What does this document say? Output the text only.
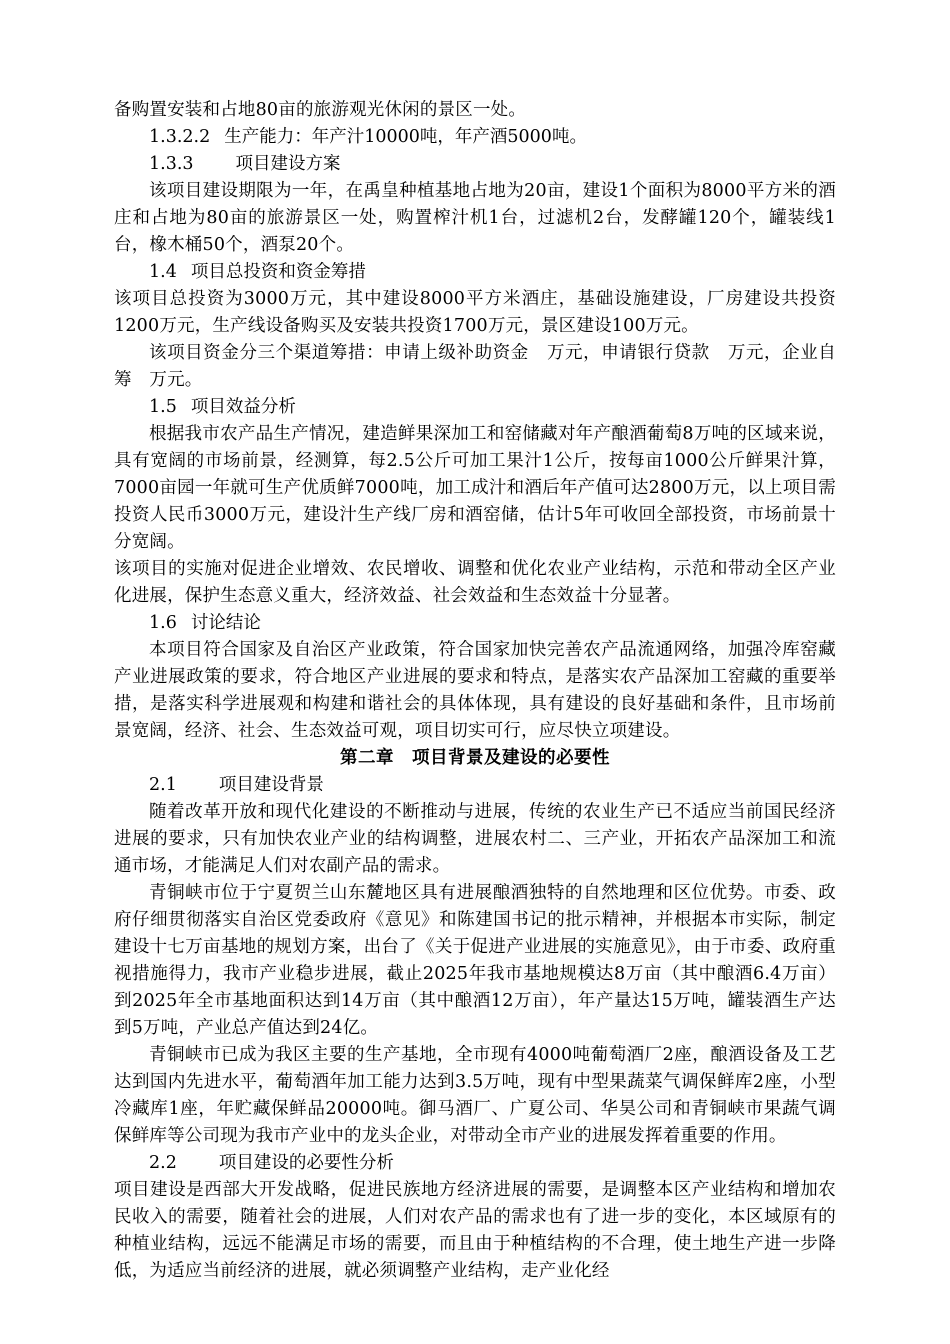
备购置安装和占地80亩的旅游观光休闲的景区一处。

1.3.2.2 生产能力：年产汁10000吨，年产酒5000吨。

1.3.3 项目建设方案

该项目建设期限为一年，在禹皇种植基地占地为20亩，建设1个面积为8000平方米的酒庄和占地为80亩的旅游景区一处，购置榨汁机1台，过滤机2台，发酵罐120个，罐装线1台，橡木桶50个，酒泵20个。

1.4 项目总投资和资金筹措

该项目总投资为3000万元，其中建设8000平方米酒庄，基础设施建设，厂房建设共投资1200万元，生产线设备购买及安装共投资1700万元，景区建设100万元。

该项目资金分三个渠道筹措：申请上级补助资金　万元，申请银行贷款　万元，企业自筹　万元。

1.5 项目效益分析

根据我市农产品生产情况，建造鲜果深加工和窑储藏对年产酿酒葡萄8万吨的区域来说，具有宽阔的市场前景，经测算，每2.5公斤可加工果汁1公斤，按每亩1000公斤鲜果汁算，7000亩园一年就可生产优质鲜7000吨，加工成汁和酒后年产值可达2800万元，以上项目需投资人民币3000万元，建设汁生产线厂房和酒窑储，估计5年可收回全部投资，市场前景十分宽阔。

该项目的实施对促进企业增效、农民增收、调整和优化农业产业结构，示范和带动全区产业化进展，保护生态意义重大，经济效益、社会效益和生态效益十分显著。

1.6 讨论结论

本项目符合国家及自治区产业政策，符合国家加快完善农产品流通网络，加强冷库窑藏产业进展政策的要求，符合地区产业进展的要求和特点，是落实农产品深加工窑藏的重要举措，是落实科学进展观和构建和谐社会的具体体现，具有建设的良好基础和条件，且市场前景宽阔，经济、社会、生态效益可观，项目切实可行，应尽快立项建设。

第二章　项目背景及建设的必要性

2.1 项目建设背景

随着改革开放和现代化建设的不断推动与进展，传统的农业生产已不适应当前国民经济进展的要求，只有加快农业产业的结构调整，进展农村二、三产业，开拓农产品深加工和流通市场，才能满足人们对农副产品的需求。

青铜峡市位于宁夏贺兰山东麓地区具有进展酿酒独特的自然地理和区位优势。市委、政府仔细贯彻落实自治区党委政府《意见》和陈建国书记的批示精神，并根据本市实际，制定建设十七万亩基地的规划方案，出台了《关于促进产业进展的实施意见》，由于市委、政府重视措施得力，我市产业稳步进展，截止2025年我市基地规模达8万亩（其中酿酒6.4万亩）到2025年全市基地面积达到14万亩（其中酿酒12万亩），年产量达15万吨，罐装酒生产达到5万吨，产业总产值达到24亿。

青铜峡市已成为我区主要的生产基地，全市现有4000吨葡萄酒厂2座，酿酒设备及工艺达到国内先进水平，葡萄酒年加工能力达到3.5万吨，现有中型果蔬菜气调保鲜库2座，小型冷藏库1座，年贮藏保鲜品20000吨。御马酒厂、广夏公司、华昊公司和青铜峡市果蔬气调保鲜库等公司现为我市产业中的龙头企业，对带动全市产业的进展发挥着重要的作用。

2.2 项目建设的必要性分析

项目建设是西部大开发战略，促进民族地方经济进展的需要，是调整本区产业结构和增加农民收入的需要，随着社会的进展，人们对农产品的需求也有了进一步的变化，本区域原有的种植业结构，远远不能满足市场的需要，而且由于种植结构的不合理，使土地生产进一步降低，为适应当前经济的进展，就必须调整产业结构，走产业化经
